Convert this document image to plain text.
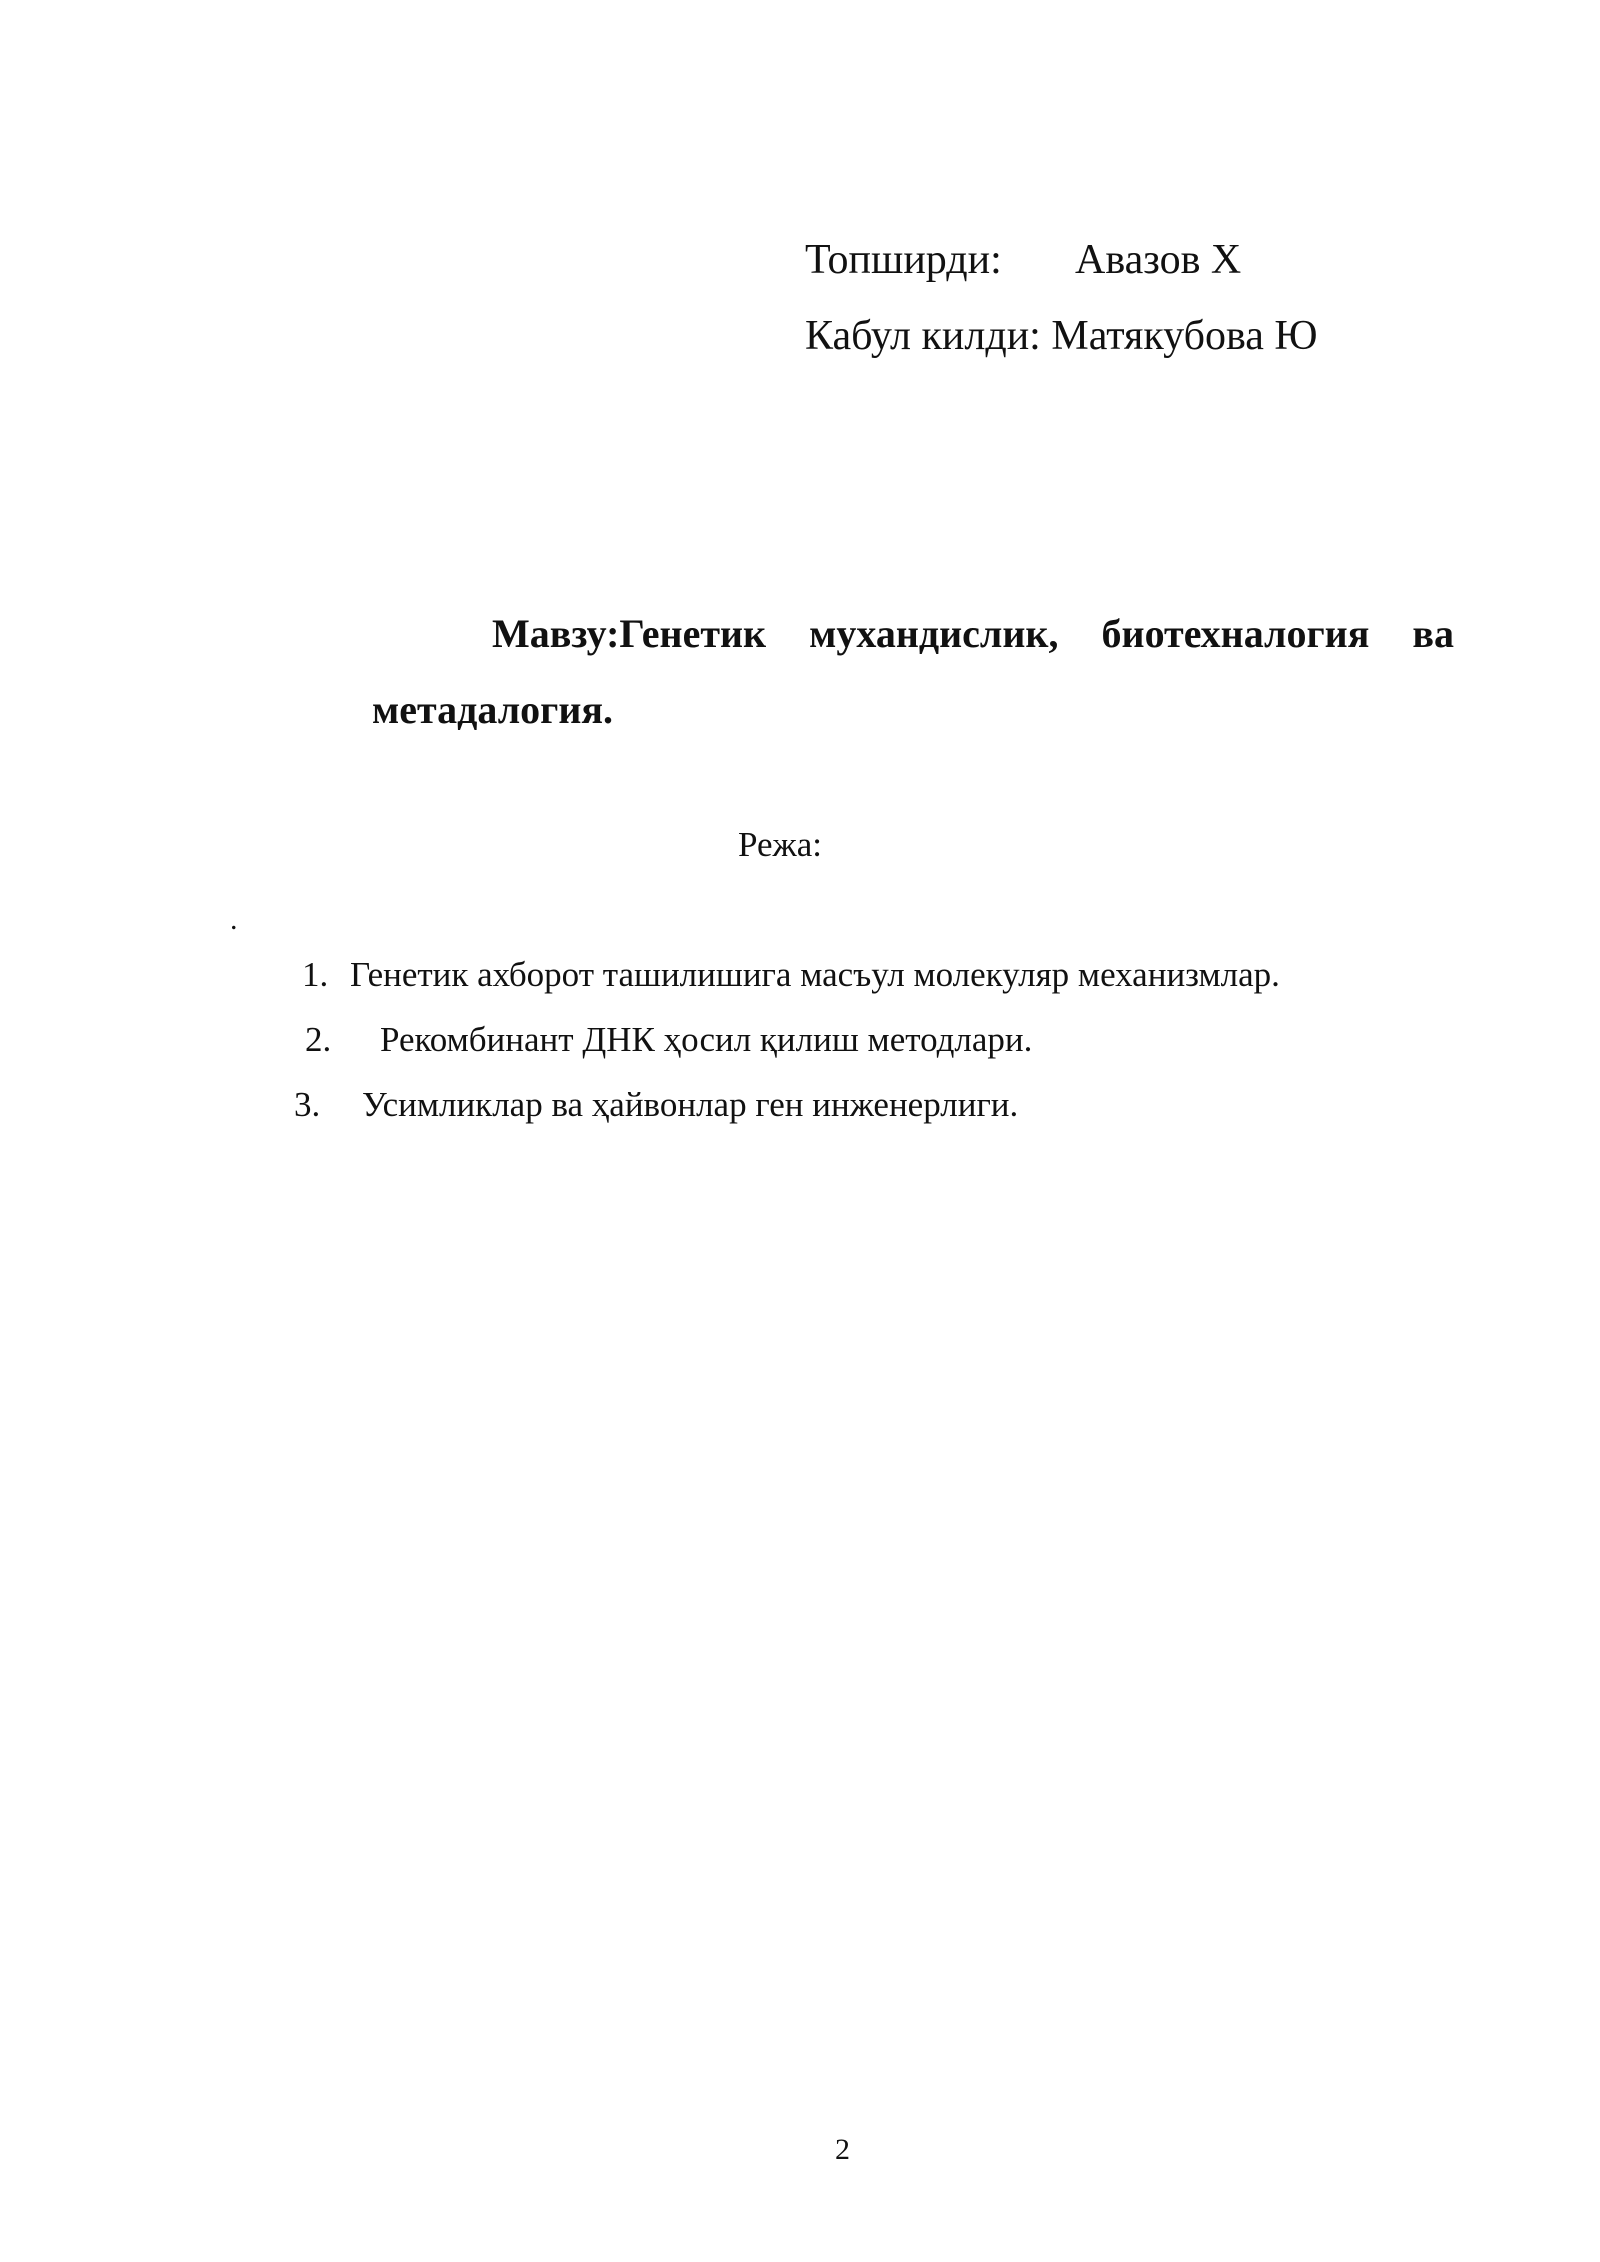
Топширди: Авазов Х
Кабул килди: Матякубова Ю
Мавзу:Генетик мухандислик, биотехналогия ва
метадалогия.
Режа:
.
1. Генетик ахборот ташилишига масъул молекуляр механизмлар.
2. Рекомбинант ДНК ҳосил қилиш методлари.
3. Усимликлар ва ҳайвонлар ген инженерлиги.
2
